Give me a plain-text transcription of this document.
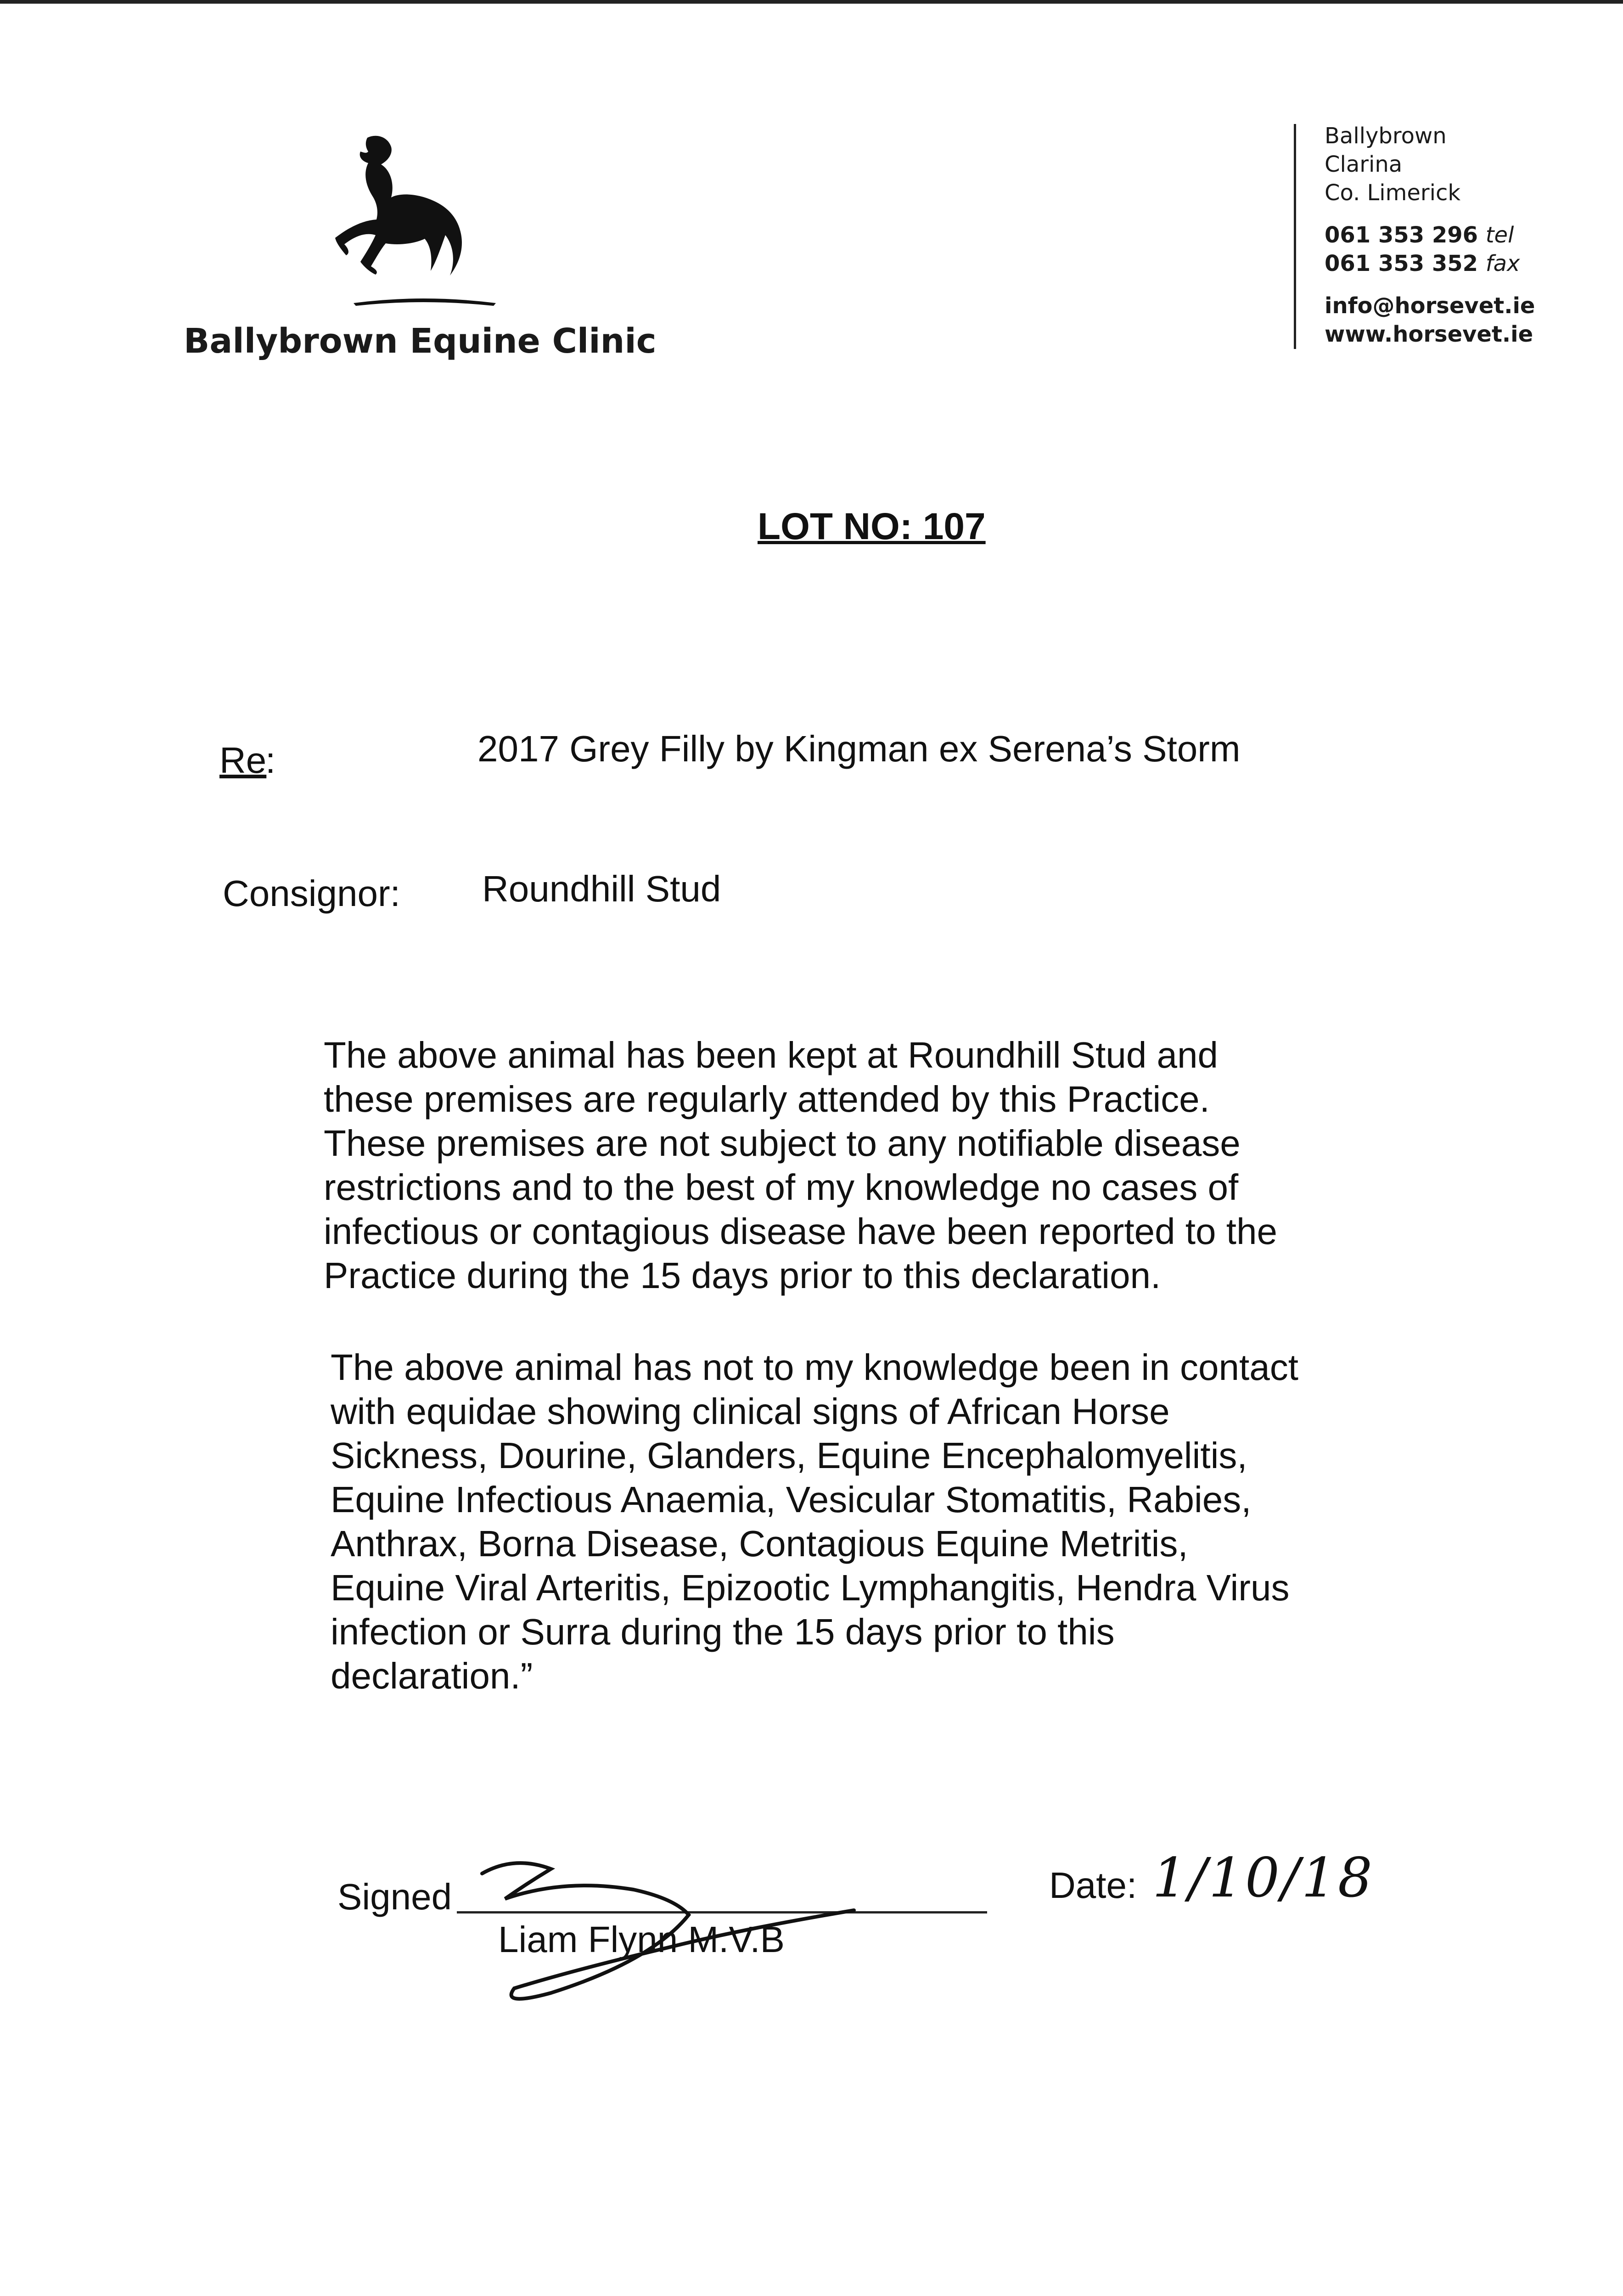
Ballybrown Equine Clinic
Ballybrown
Clarina
Co. Limerick
061 353 296 tel
061 353 352 fax
info@horsevet.ie
www.horsevet.ie
LOT NO: 107
Re
:	2017 Grey Filly by Kingman ex Serena’s Storm
Consignor: Roundhill Stud
The above animal has been kept at Roundhill Stud and
these premises are regularly attended by this Practice.
These premises are not subject to any notifiable disease
restrictions and to the best of my knowledge no cases of
infectious or contagious disease have been reported to the
Practice during the 15 days prior to this declaration.
The above animal has not to my knowledge been in contact
with equidae showing clinical signs of African Horse
Sickness, Dourine, Glanders, Equine Encephalomyelitis,
Equine Infectious Anaemia, Vesicular Stomatitis, Rabies,
Anthrax, Borna Disease, Contagious Equine Metritis,
Equine Viral Arteritis, Epizootic Lymphangitis, Hendra Virus
infection or Surra during the 15 days prior to this
declaration.”
Signed
Liam Flynn M.V.B
Date: 1/10/18
